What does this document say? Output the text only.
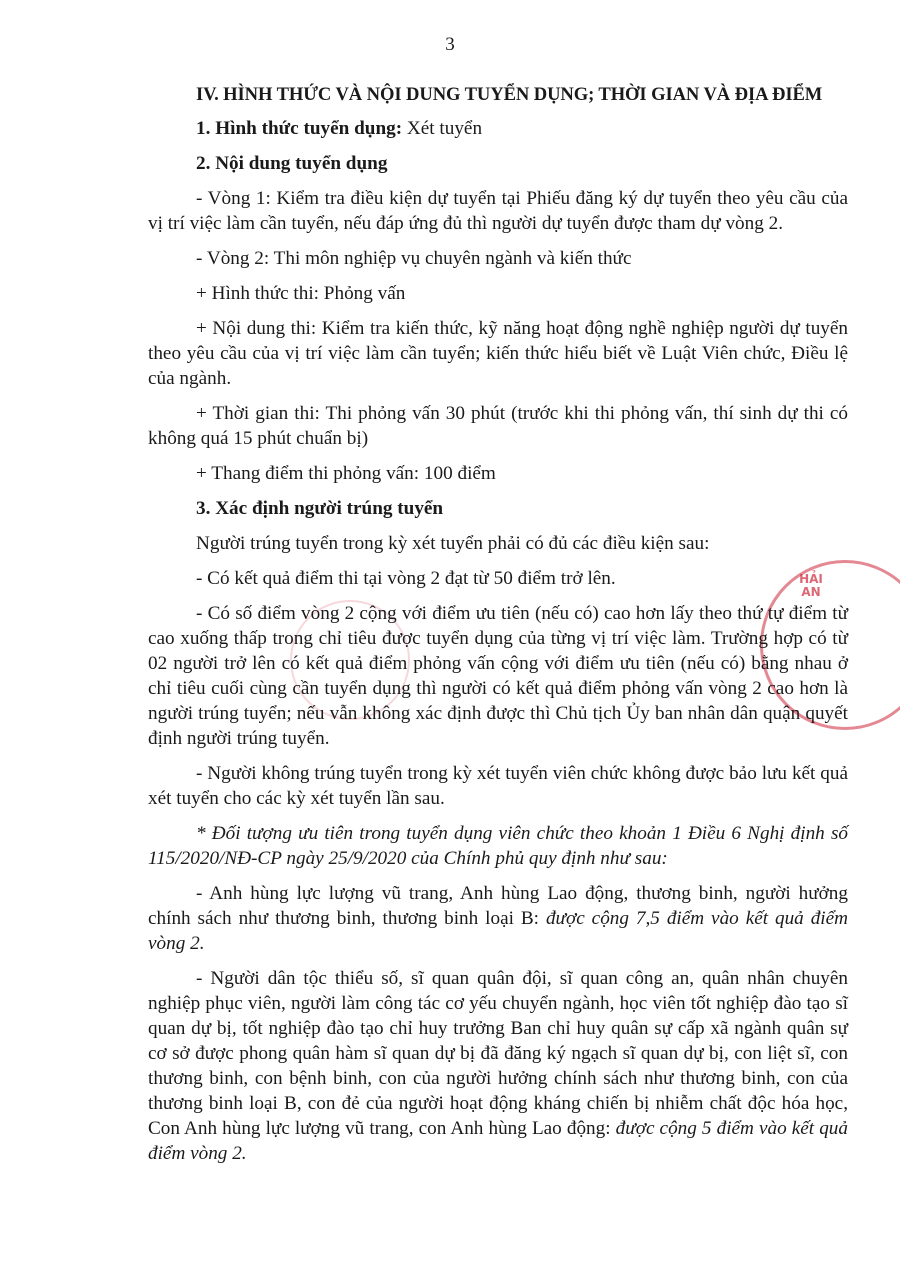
3
HẢI AN
IV. HÌNH THỨC VÀ NỘI DUNG TUYỂN DỤNG; THỜI GIAN VÀ ĐỊA ĐIỂM
1. Hình thức tuyển dụng: Xét tuyển
2. Nội dung tuyển dụng

- Vòng 1: Kiểm tra điều kiện dự tuyển tại Phiếu đăng ký dự tuyển theo yêu cầu của vị trí việc làm cần tuyển, nếu đáp ứng đủ thì người dự tuyển được tham dự vòng 2.

- Vòng 2: Thi môn nghiệp vụ chuyên ngành và kiến thức

+ Hình thức thi: Phỏng vấn

+ Nội dung thi: Kiểm tra kiến thức, kỹ năng hoạt động nghề nghiệp người dự tuyển theo yêu cầu của vị trí việc làm cần tuyển; kiến thức hiểu biết về Luật Viên chức, Điều lệ của ngành.

+ Thời gian thi: Thi phỏng vấn 30 phút (trước khi thi phỏng vấn, thí sinh dự thi có không quá 15 phút chuẩn bị)

+ Thang điểm thi phỏng vấn: 100 điểm

3. Xác định người trúng tuyển

Người trúng tuyển trong kỳ xét tuyển phải có đủ các điều kiện sau:

- Có kết quả điểm thi tại vòng 2 đạt từ 50 điểm trở lên.

- Có số điểm vòng 2 cộng với điểm ưu tiên (nếu có) cao hơn lấy theo thứ tự điểm từ cao xuống thấp trong chỉ tiêu được tuyển dụng của từng vị trí việc làm. Trường hợp có từ 02 người trở lên có kết quả điểm phỏng vấn cộng với điểm ưu tiên (nếu có) bằng nhau ở chỉ tiêu cuối cùng cần tuyển dụng thì người có kết quả điểm phỏng vấn vòng 2 cao hơn là người trúng tuyển; nếu vẫn không xác định được thì Chủ tịch Ủy ban nhân dân quận quyết định người trúng tuyển.

- Người không trúng tuyển trong kỳ xét tuyển viên chức không được bảo lưu kết quả xét tuyển cho các kỳ xét tuyển lần sau.

* Đối tượng ưu tiên trong tuyển dụng viên chức theo khoản 1 Điều 6 Nghị định số 115/2020/NĐ-CP ngày 25/9/2020 của Chính phủ quy định như sau:

- Anh hùng lực lượng vũ trang, Anh hùng Lao động, thương binh, người hưởng chính sách như thương binh, thương binh loại B: được cộng 7,5 điểm vào kết quả điểm vòng 2.

- Người dân tộc thiểu số, sĩ quan quân đội, sĩ quan công an, quân nhân chuyên nghiệp phục viên, người làm công tác cơ yếu chuyển ngành, học viên tốt nghiệp đào tạo sĩ quan dự bị, tốt nghiệp đào tạo chỉ huy trưởng Ban chỉ huy quân sự cấp xã ngành quân sự cơ sở được phong quân hàm sĩ quan dự bị đã đăng ký ngạch sĩ quan dự bị, con liệt sĩ, con thương binh, con bệnh binh, con của người hưởng chính sách như thương binh, con của thương binh loại B, con đẻ của người hoạt động kháng chiến bị nhiễm chất độc hóa học, Con Anh hùng lực lượng vũ trang, con Anh hùng Lao động: được cộng 5 điểm vào kết quả điểm vòng 2.
